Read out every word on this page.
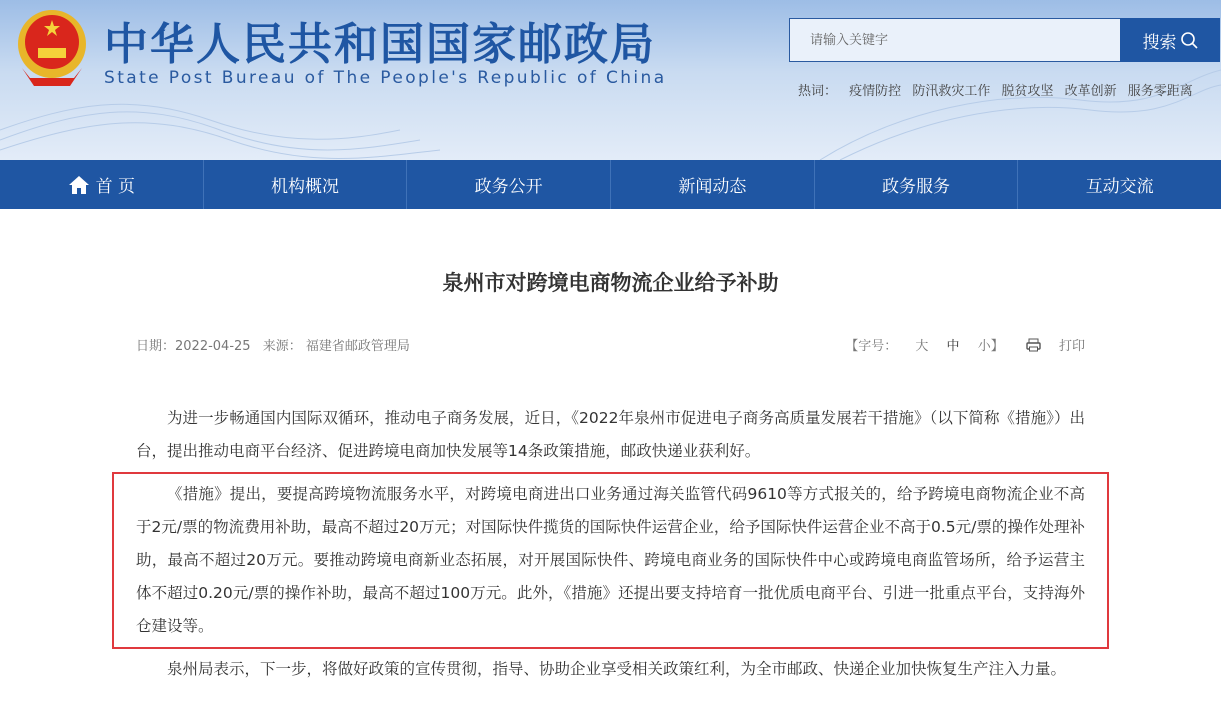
中华人民共和国国家邮政局
State Post Bureau of The People's Republic of China
请输入关键字
搜索
热词： 疫情防控 防汛救灾工作 脱贫攻坚 改革创新 服务零距离
首 页	机构概况	政务公开	新闻动态	政务服务	互动交流
泉州市对跨境电商物流企业给予补助
日期：2022-04-25 来源： 福建省邮政管理局	【字号： 大 中 小】	打印

为进一步畅通国内国际双循环，推动电子商务发展，近日，《2022年泉州市促进电子商务高质量发展若干措施》（以下简称《措施》）出台，提出推动电商平台经济、促进跨境电商加快发展等14条政策措施，邮政快递业获利好。

《措施》提出，要提高跨境物流服务水平，对跨境电商进出口业务通过海关监管代码9610等方式报关的，给予跨境电商物流企业不高于2元/票的物流费用补助，最高不超过20万元；对国际快件揽货的国际快件运营企业，给予国际快件运营企业不高于0.5元/票的操作处理补助，最高不超过20万元。要推动跨境电商新业态拓展，对开展国际快件、跨境电商业务的国际快件中心或跨境电商监管场所，给予运营主体不超过0.20元/票的操作补助，最高不超过100万元。此外，《措施》还提出要支持培育一批优质电商平台、引进一批重点平台，支持海外仓建设等。

泉州局表示，下一步，将做好政策的宣传贯彻，指导、协助企业享受相关政策红利，为全市邮政、快递企业加快恢复生产注入力量。
